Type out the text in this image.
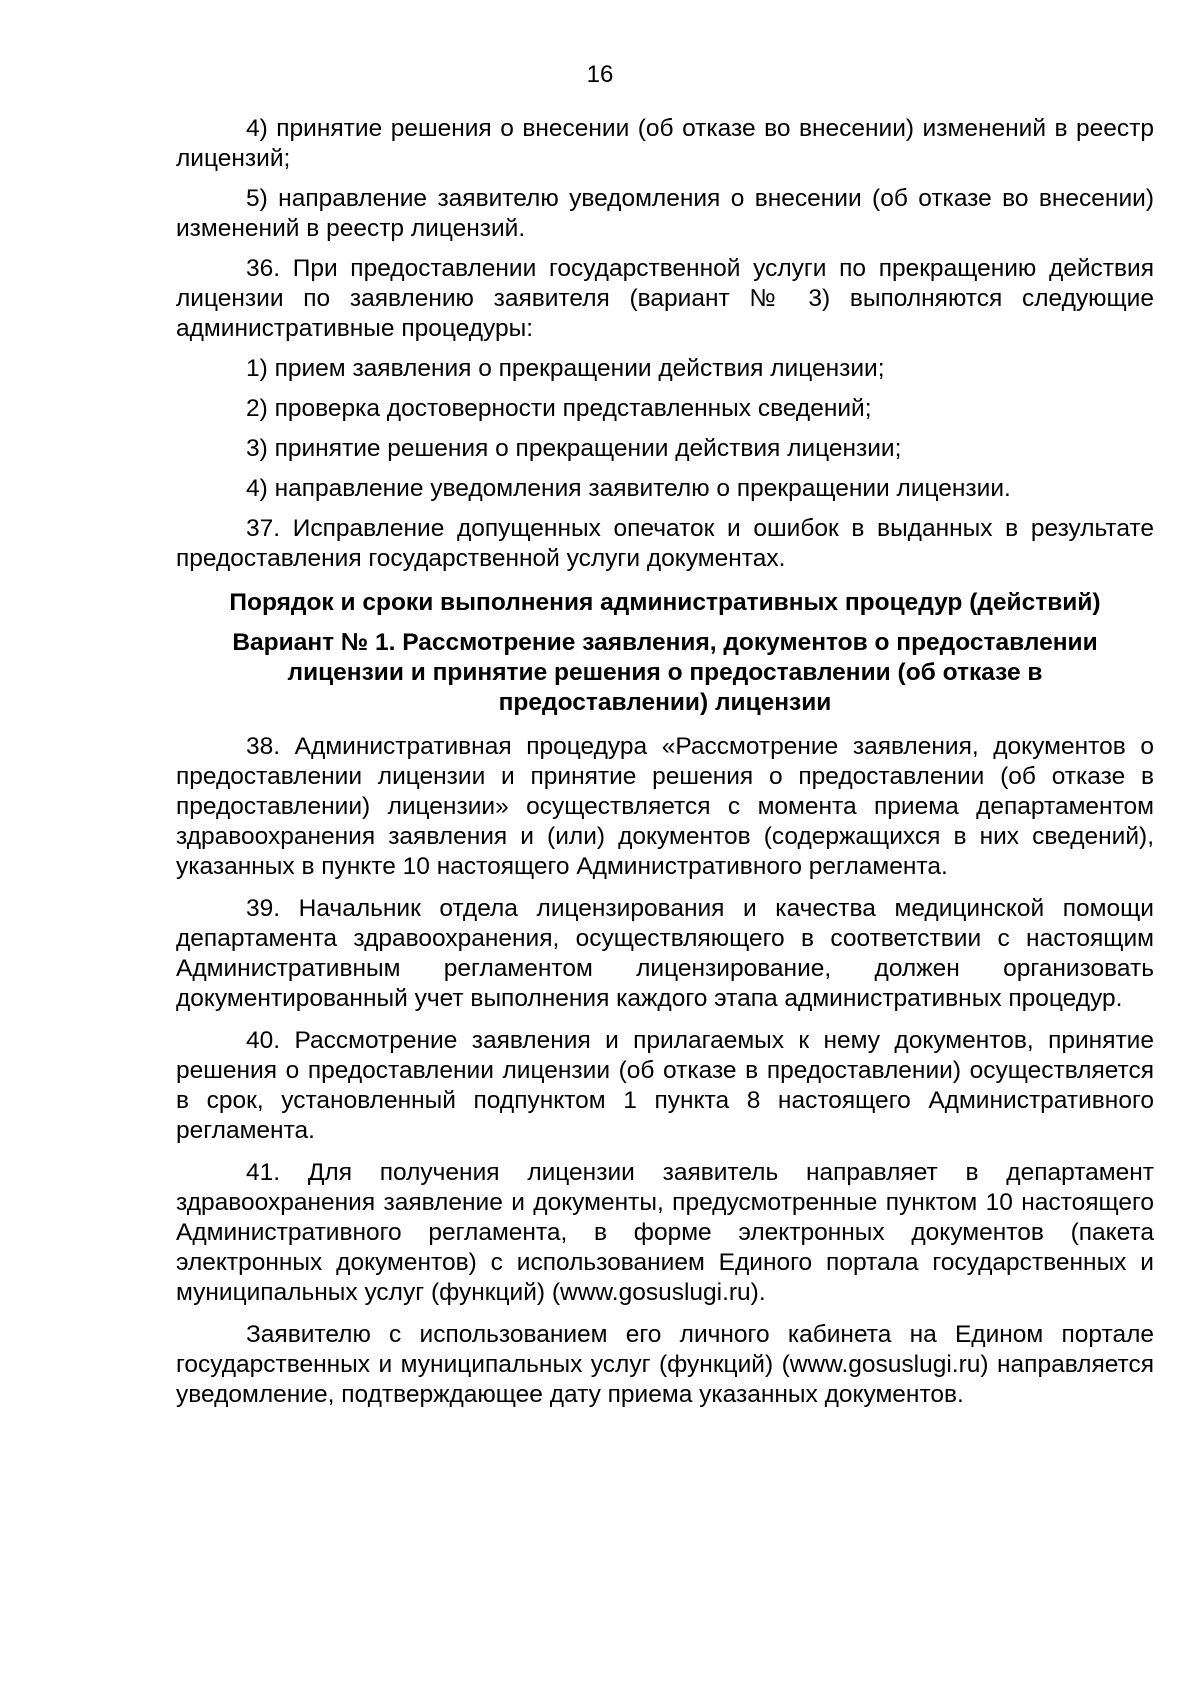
16

4) принятие решения о внесении (об отказе во внесении) изменений в реестр лицензий;

5) направление заявителю уведомления о внесении (об отказе во внесении) изменений в реестр лицензий.

36. При предоставлении государственной услуги по прекращению действия лицензии по заявлению заявителя (вариант № 3) выполняются следующие административные процедуры:

1) прием заявления о прекращении действия лицензии;

2) проверка достоверности представленных сведений;

3) принятие решения о прекращении действия лицензии;

4) направление уведомления заявителю о прекращении лицензии.

37. Исправление допущенных опечаток и ошибок в выданных в результате предоставления государственной услуги документах.

Порядок и сроки выполнения административных процедур (действий)

Вариант № 1. Рассмотрение заявления, документов о предоставлении лицензии и принятие решения о предоставлении (об отказе в предоставлении) лицензии

38. Административная процедура «Рассмотрение заявления, документов о предоставлении лицензии и принятие решения о предоставлении (об отказе в предоставлении) лицензии» осуществляется с момента приема департаментом здравоохранения заявления и (или) документов (содержащихся в них сведений), указанных в пункте 10 настоящего Административного регламента.

39. Начальник отдела лицензирования и качества медицинской помощи департамента здравоохранения, осуществляющего в соответствии с настоящим Административным регламентом лицензирование, должен организовать документированный учет выполнения каждого этапа административных процедур.

40. Рассмотрение заявления и прилагаемых к нему документов, принятие решения о предоставлении лицензии (об отказе в предоставлении) осуществляется в срок, установленный подпунктом 1 пункта 8 настоящего Административного регламента.

41. Для получения лицензии заявитель направляет в департамент здравоохранения заявление и документы, предусмотренные пунктом 10 настоящего Административного регламента, в форме электронных документов (пакета электронных документов) с использованием Единого портала государственных и муниципальных услуг (функций) (www.gosuslugi.ru).

Заявителю с использованием его личного кабинета на Едином портале государственных и муниципальных услуг (функций) (www.gosuslugi.ru) направляется уведомление, подтверждающее дату приема указанных документов.
